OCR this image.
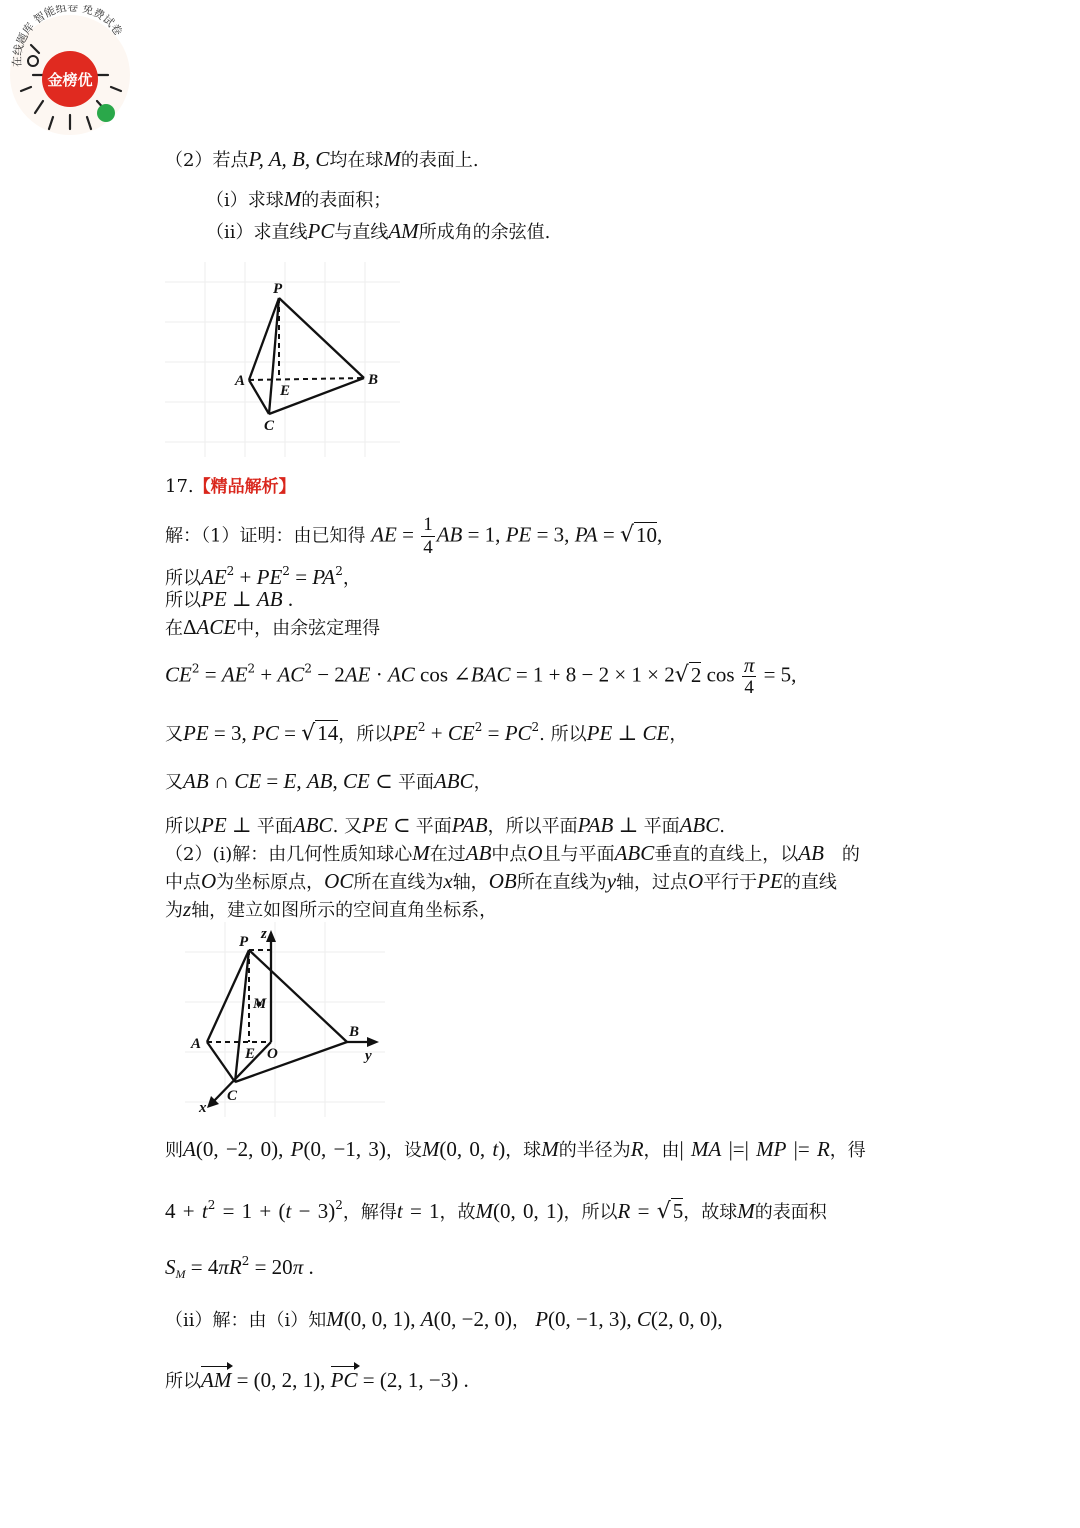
在线题库 智能组卷 免费试卷
金榜优
（2）若点P, A, B, C均在球M的表面上.
（i）求球M的表面积；
（ii）求直线PC与直线AM所成角的余弦值.
P
A
E
B
C
17.【精品解析】
解：（1）证明：由已知得 AE = $\frac{1}{4}$ AB = 1, PE = 3, PA = √10,
所以$AE^2 + PE^2 = PA^2$，
所以PE ⊥ AB .
在ΔACE中，由余弦定理得
$CE^2 = AE^2 + AC^2 - 2AE$ · AC cos ∠BAC = 1 + 8 − 2 × 1 × 2√2 $\cos \frac{\pi}{4} = 5$,
又PE = 3, PC = √14，所以$PE^2 + CE^2 = PC^2$. 所以PE ⊥ CE，
又AB ∩ CE = E, AB, CE ⊂ 平面ABC，
所以PE ⊥ 平面ABC. 又PE ⊂ 平面PAB，所以平面PAB ⊥ 平面ABC.
（2）(i)解：由几何性质知球心M在过AB中点O且与平面ABC垂直的直线上，以AB　 的
中点O为坐标原点，OC所在直线为x轴，OB所在直线为y轴，过点O平行于PE的直线
为z轴，建立如图所示的空间直角坐标系，
P z
M
A
E O
B
y
x
C
则A(0, −2, 0), P(0, −1, 3)，设M(0, 0, t)，球M的半径为R，由| MA |=| MP |= R，得
$4 + t^2 = 1 + (t - 3)^2$，解得t = 1，故M(0, 0, 1)，所以R = √5，故球M的表面积
$S_M = 4\pi R^2 = 20\pi$ .
（ii）解：由（i）知M(0, 0, 1), A(0, −2, 0)， P(0, −1, 3), C(2, 0, 0),
所以AM = (0, 2, 1), PC = (2, 1, −3) .
